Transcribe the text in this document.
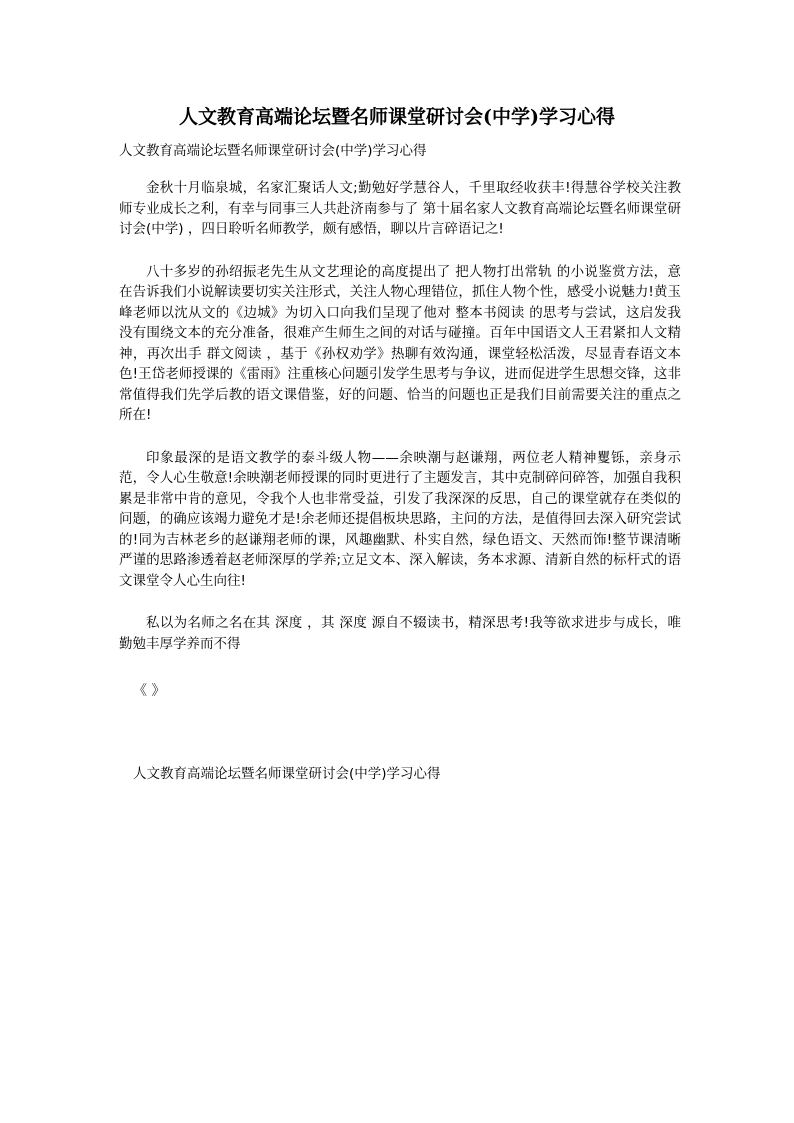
人文教育高端论坛暨名师课堂研讨会(中学)学习心得

人文教育高端论坛暨名师课堂研讨会(中学)学习心得

金秋十月临泉城，名家汇聚话人文;勤勉好学慧谷人，千里取经收获丰!得慧谷学校关注教师专业成长之利，有幸与同事三人共赴济南参与了 第十届名家人文教育高端论坛暨名师课堂研讨会(中学) ，四日聆听名师教学，颇有感悟，聊以片言碎语记之!

八十多岁的孙绍振老先生从文艺理论的高度提出了 把人物打出常轨 的小说鉴赏方法，意在告诉我们小说解读要切实关注形式，关注人物心理错位，抓住人物个性，感受小说魅力!黄玉峰老师以沈从文的《边城》为切入口向我们呈现了他对 整本书阅读 的思考与尝试，这启发我没有围绕文本的充分准备，很难产生师生之间的对话与碰撞。百年中国语文人王君紧扣人文精神，再次出手 群文阅读 ，基于《孙权劝学》热聊有效沟通，课堂轻松活泼，尽显青春语文本色!王岱老师授课的《雷雨》注重核心问题引发学生思考与争议，进而促进学生思想交锋，这非常值得我们先学后教的语文课借鉴，好的问题、恰当的问题也正是我们目前需要关注的重点之所在!

印象最深的是语文教学的泰斗级人物——余映潮与赵谦翔，两位老人精神矍铄，亲身示范，令人心生敬意!余映潮老师授课的同时更进行了主题发言，其中克制碎问碎答，加强自我积累是非常中肯的意见，令我个人也非常受益，引发了我深深的反思，自己的课堂就存在类似的问题，的确应该竭力避免才是!余老师还提倡板块思路，主问的方法，是值得回去深入研究尝试的!同为吉林老乡的赵谦翔老师的课，风趣幽默、朴实自然，绿色语文、天然而饰!整节课清晰严谨的思路渗透着赵老师深厚的学养;立足文本、深入解读，务本求源、清新自然的标杆式的语文课堂令人心生向往!

私以为名师之名在其 深度 ，其 深度 源自不辍读书，精深思考!我等欲求进步与成长，唯勤勉丰厚学养而不得

《 》

人文教育高端论坛暨名师课堂研讨会(中学)学习心得
